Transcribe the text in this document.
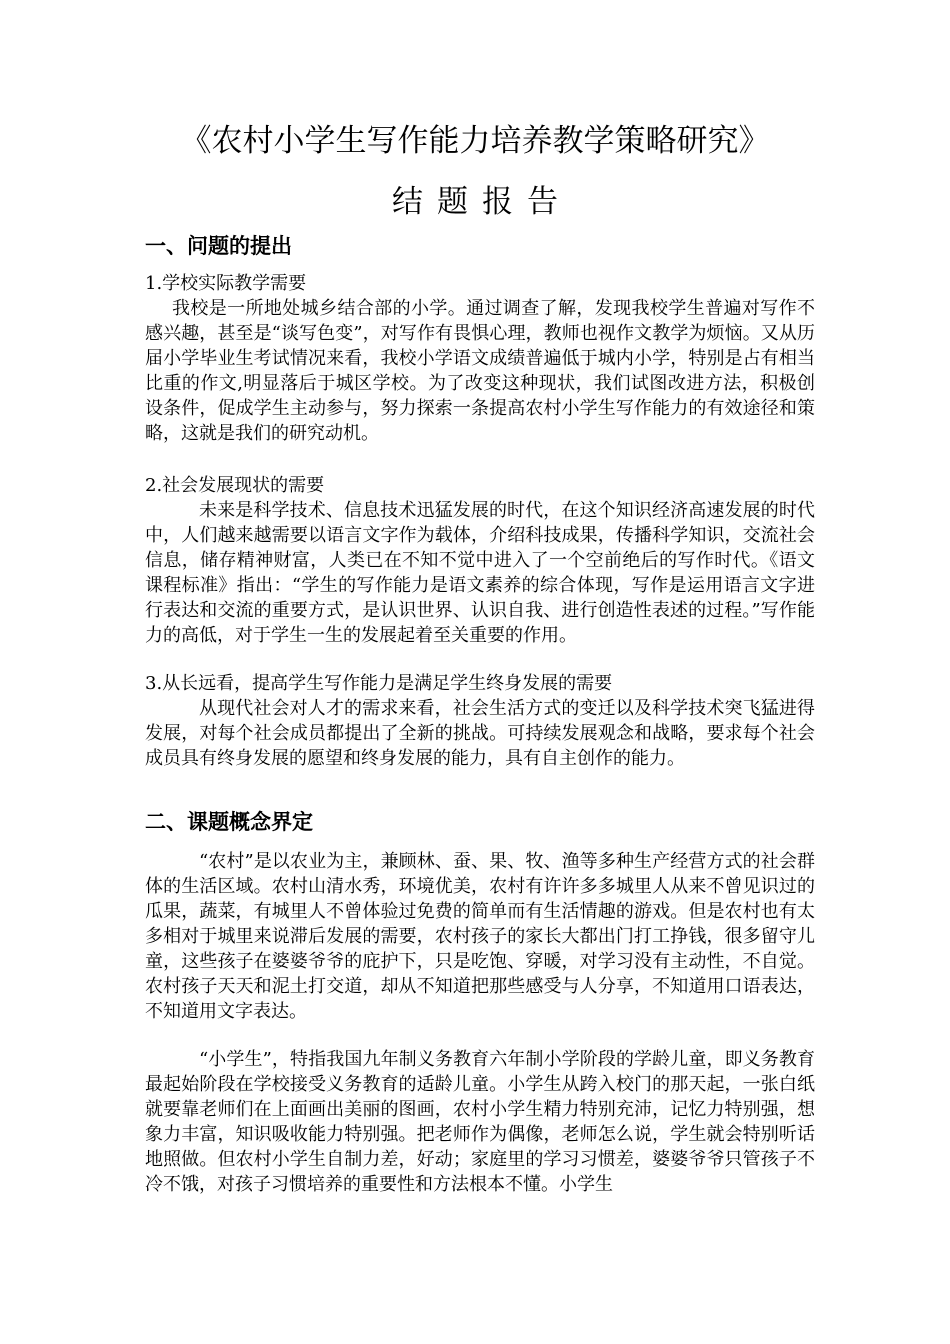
《农村小学生写作能力培养教学策略研究》
结题报告
一、问题的提出
1.学校实际教学需要
我校是一所地处城乡结合部的小学。通过调查了解，发现我校学生普遍对写作不感兴趣，甚至是“谈写色变”，对写作有畏惧心理，教师也视作文教学为烦恼。又从历届小学毕业生考试情况来看，我校小学语文成绩普遍低于城内小学，特别是占有相当比重的作文,明显落后于城区学校。为了改变这种现状，我们试图改进方法，积极创设条件，促成学生主动参与，努力探索一条提高农村小学生写作能力的有效途径和策略，这就是我们的研究动机。
2.社会发展现状的需要
未来是科学技术、信息技术迅猛发展的时代，在这个知识经济高速发展的时代中，人们越来越需要以语言文字作为载体，介绍科技成果，传播科学知识，交流社会信息，储存精神财富，人类已在不知不觉中进入了一个空前绝后的写作时代。《语文课程标准》指出：“学生的写作能力是语文素养的综合体现，写作是运用语言文字进行表达和交流的重要方式，是认识世界、认识自我、进行创造性表述的过程。”写作能力的高低，对于学生一生的发展起着至关重要的作用。
3.从长远看，提高学生写作能力是满足学生终身发展的需要
从现代社会对人才的需求来看，社会生活方式的变迁以及科学技术突飞猛进得发展，对每个社会成员都提出了全新的挑战。可持续发展观念和战略，要求每个社会成员具有终身发展的愿望和终身发展的能力，具有自主创作的能力。
二、课题概念界定
“农村”是以农业为主，兼顾林、蚕、果、牧、渔等多种生产经营方式的社会群体的生活区域。农村山清水秀，环境优美，农村有许许多多城里人从来不曾见识过的瓜果，蔬菜，有城里人不曾体验过免费的简单而有生活情趣的游戏。但是农村也有太多相对于城里来说滞后发展的需要，农村孩子的家长大都出门打工挣钱，很多留守儿童，这些孩子在婆婆爷爷的庇护下，只是吃饱、穿暖，对学习没有主动性，不自觉。农村孩子天天和泥土打交道，却从不知道把那些感受与人分享，不知道用口语表达，不知道用文字表达。
“小学生”，特指我国九年制义务教育六年制小学阶段的学龄儿童，即义务教育最起始阶段在学校接受义务教育的适龄儿童。小学生从跨入校门的那天起，一张白纸就要靠老师们在上面画出美丽的图画，农村小学生精力特别充沛，记忆力特别强，想象力丰富，知识吸收能力特别强。把老师作为偶像，老师怎么说，学生就会特别听话地照做。但农村小学生自制力差，好动；家庭里的学习习惯差，婆婆爷爷只管孩子不冷不饿，对孩子习惯培养的重要性和方法根本不懂。小学生
